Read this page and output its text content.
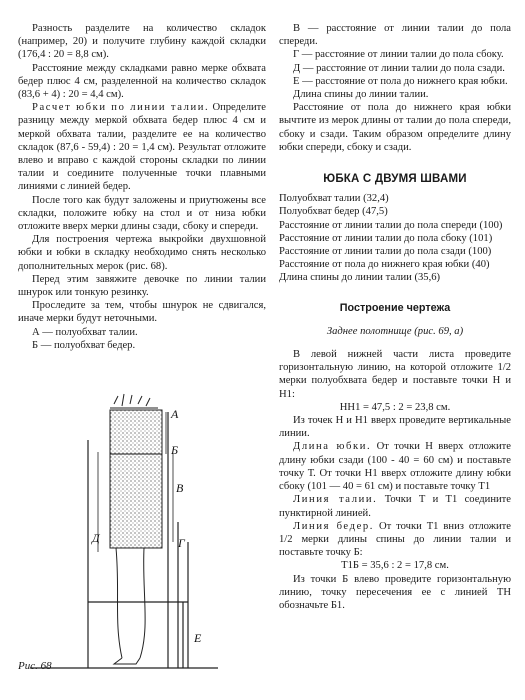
Разность разделите на количество складок (например, 20) и получите глубину каждой складки (176,4 : 20 = 8,8 см).

Расстояние между складками равно мерке обхвата бедер плюс 4 см, разделенной на количество складок (83,6 + 4) : 20 = 4,4 см).

Расчет юбки по линии талии. Определите разницу между меркой обхвата бедер плюс 4 см и меркой обхвата талии, разделите ее на количество складок (87,6 - 59,4) : 20 = 1,4 см). Результат отложите влево и вправо с каждой стороны складки по линии талии и соедините полученные точки плавными линиями с линией бедер.

После того как будут заложены и приутюжены все складки, положите юбку на стол и от низа юбки отложите вверх мерки длины сзади, сбоку и спереди.

Для построения чертежа выкройки двухшовной юбки и юбки в складку необходимо снять несколько дополнительных мерок (рис. 68).

Перед этим завяжите девочке по линии талии шнурок или тонкую резинку.

Проследите за тем, чтобы шнурок не сдвигался, иначе мерки будут неточными.

А — полуобхват талии.

Б — полуобхват бедер.

А
Б
В
Г
Д
Е
Рис. 68

В — расстояние от линии талии до пола спереди.

Г — расстояние от линии талии до пола сбоку.

Д — расстояние от линии талии до пола сзади.

Е — расстояние от пола до нижнего края юбки.

Длина спины до линии талии.

Расстояние от пола до нижнего края юбки вычтите из мерок длины от талии до пола спереди, сбоку и сзади. Таким образом определите длину юбки спереди, сбоку и сзади.

ЮБКА С ДВУМЯ ШВАМИ

Полуобхват талии (32,4)

Полуобхват бедер (47,5)

Расстояние от линии талии до пола спереди (100)

Расстояние от линии талии до пола сбоку (101)

Расстояние от линии талии до пола сзади (100)

Расстояние от пола до нижнего края юбки (40)

Длина спины до линии талии (35,6)

Построение чертежа
Заднее полотнище (рис. 69, а)

В левой нижней части листа проведите горизонтальную линию, на которой отложите 1/2 мерки полуобхвата бедер и поставьте точки Н и Н1:

НН1 = 47,5 : 2 = 23,8 см.

Из точек Н и Н1 вверх проведите вертикальные линии.

Длина юбки. От точки Н вверх отложите длину юбки сзади (100 - 40 = 60 см) и поставьте точку Т. От точки Н1 вверх отложите длину юбки сбоку (101 — 40 = 61 см) и поставьте точку Т1

Линия талии. Точки Т и Т1 соедините пунктирной линией.

Линия бедер. От точки Т1 вниз отложите 1/2 мерки длины спины до линии талии и поставьте точку Б:

Т1Б = 35,6 : 2 = 17,8 см.

Из точки Б влево проведите горизонтальную линию, точку пересечения ее с линией ТН обозначьте Б1.
